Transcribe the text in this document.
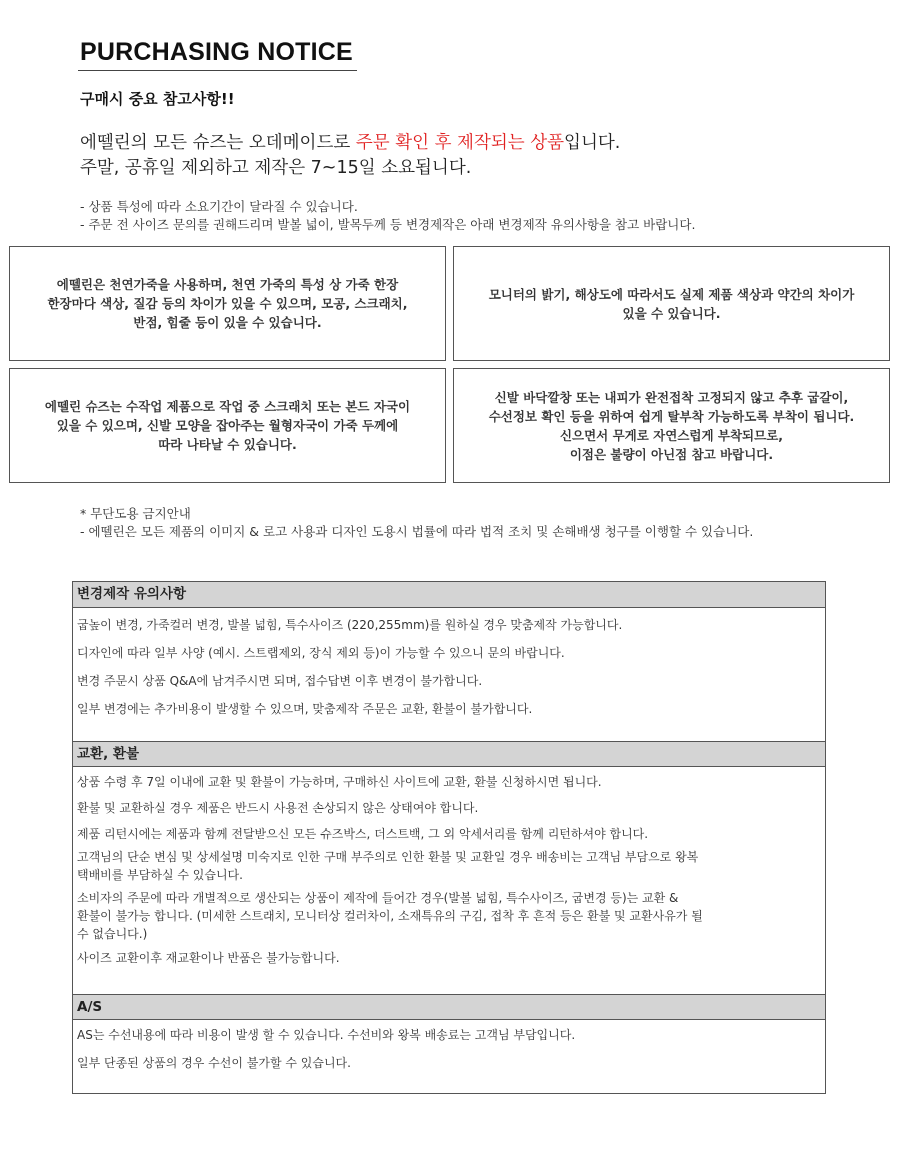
PURCHASING NOTICE
구매시 중요 참고사항!!
에뗄린의 모든 슈즈는 오데메이드로 주문 확인 후 제작되는 상품입니다.
주말, 공휴일 제외하고 제작은 7~15일 소요됩니다.
- 상품 특성에 따라 소요기간이 달라질 수 있습니다.
- 주문 전 사이즈 문의를 권해드리며 발볼 넓이, 발목두께 등 변경제작은 아래 변경제작 유의사항을 참고 바랍니다.
에뗄린은 천연가죽을 사용하며, 천연 가죽의 특성 상 가죽 한장
한장마다 색상, 질감 등의 차이가 있을 수 있으며, 모공, 스크래치,
반점, 힘줄 등이 있을 수 있습니다.
모니터의 밝기, 해상도에 따라서도 실제 제품 색상과 약간의 차이가
있을 수 있습니다.
에뗄린 슈즈는 수작업 제품으로 작업 중 스크래치 또는 본드 자국이
있을 수 있으며, 신발 모양을 잡아주는 월형자국이 가죽 두께에
따라 나타날 수 있습니다.
신발 바닥깔창 또는 내피가 완전접착 고정되지 않고 추후 굽갈이,
수선정보 확인 등을 위하여 쉽게 탈부착 가능하도록 부착이 됩니다.
신으면서 무게로 자연스럽게 부착되므로,
이점은 불량이 아닌점 참고 바랍니다.
* 무단도용 금지안내
- 에뗄린은 모든 제품의 이미지 & 로고 사용과 디자인 도용시 법률에 따라 법적 조치 및 손해배생 청구를 이행할 수 있습니다.
변경제작 유의사항

굽높이 변경, 가죽컬러 변경, 발볼 넓힘, 특수사이즈 (220,255mm)를 원하실 경우 맞춤제작 가능합니다.

디자인에 따라 일부 사양 (예시. 스트랩제외, 장식 제외 등)이 가능할 수 있으니 문의 바랍니다.

변경 주문시 상품 Q&A에 남겨주시면 되며, 접수답변 이후 변경이 불가합니다.

일부 변경에는 추가비용이 발생할 수 있으며, 맞춤제작 주문은 교환, 환불이 불가합니다.

교환, 환불

상품 수령 후 7일 이내에 교환 및 환불이 가능하며, 구매하신 사이트에 교환, 환불 신청하시면 됩니다.

환불 및 교환하실 경우 제품은 반드시 사용전 손상되지 않은 상태여야 합니다.

제품 리턴시에는 제품과 함께 전달받으신 모든 슈즈박스, 더스트백, 그 외 악세서리를 함께 리턴하셔야 합니다.

고객님의 단순 변심 및 상세설명 미숙지로 인한 구매 부주의로 인한 환불 및 교환일 경우 배송비는 고객님 부담으로 왕복

택배비를 부담하실 수 있습니다.

소비자의 주문에 따라 개별적으로 생산되는 상품이 제작에 들어간 경우(발볼 넓힘, 특수사이즈, 굽변경 등)는 교환 &

환불이 불가능 합니다. (미세한 스트래치, 모니터상 컬러차이, 소재특유의 구김, 접착 후 흔적 등은 환불 및 교환사유가 될

수 없습니다.)

사이즈 교환이후 재교환이나 반품은 불가능합니다.

A/S

AS는 수선내용에 따라 비용이 발생 할 수 있습니다. 수선비와 왕복 배송료는 고객님 부담입니다.

일부 단종된 상품의 경우 수선이 불가할 수 있습니다.
